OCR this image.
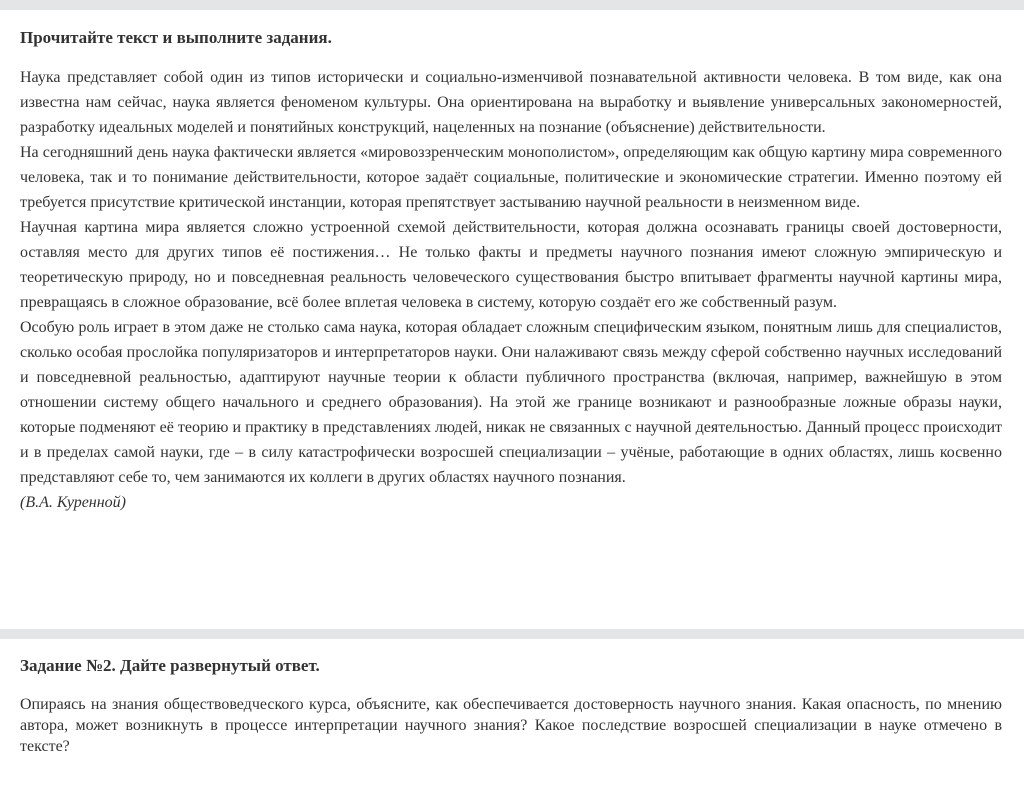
Прочитайте текст и выполните задания.

Наука представляет собой один из типов исторически и социально-изменчивой познавательной активности человека. В том виде, как она известна нам сейчас, наука является феноменом культуры. Она ориентирована на выработку и выявление универсальных закономерностей, разработку идеальных моделей и понятийных конструкций, нацеленных на познание (объяснение) действительности.

На сегодняшний день наука фактически является «мировоззренческим монополистом», определяющим как общую картину мира современного человека, так и то понимание действительности, которое задаёт социальные, политические и экономические стратегии. Именно поэтому ей требуется присутствие критической инстанции, которая препятствует застыванию научной реальности в неизменном виде.

Научная картина мира является сложно устроенной схемой действительности, которая должна осознавать границы своей достоверности, оставляя место для других типов её постижения… Не только факты и предметы научного познания имеют сложную эмпирическую и теоретическую природу, но и повседневная реальность человеческого существования быстро впитывает фрагменты научной картины мира, превращаясь в сложное образование, всё более вплетая человека в систему, которую создаёт его же собственный разум.

Особую роль играет в этом даже не столько сама наука, которая обладает сложным специфическим языком, понятным лишь для специалистов, сколько особая прослойка популяризаторов и интерпретаторов науки. Они налаживают связь между сферой собственно научных исследований и повседневной реальностью, адаптируют научные теории к области публичного пространства (включая, например, важнейшую в этом отношении систему общего начального и среднего образования). На этой же границе возникают и разнообразные ложные образы науки, которые подменяют её теорию и практику в представлениях людей, никак не связанных с научной деятельностью. Данный процесс происходит и в пределах самой науки, где – в силу катастрофически возросшей специализации – учёные, работающие в одних областях, лишь косвенно представляют себе то, чем занимаются их коллеги в других областях научного познания.

(В.А. Куренной)

Задание №2. Дайте развернутый ответ.

Опираясь на знания обществоведческого курса, объясните, как обеспечивается достоверность научного знания. Какая опасность, по мнению автора, может возникнуть в процессе интерпретации научного знания? Какое последствие возросшей специализации в науке отмечено в тексте?
